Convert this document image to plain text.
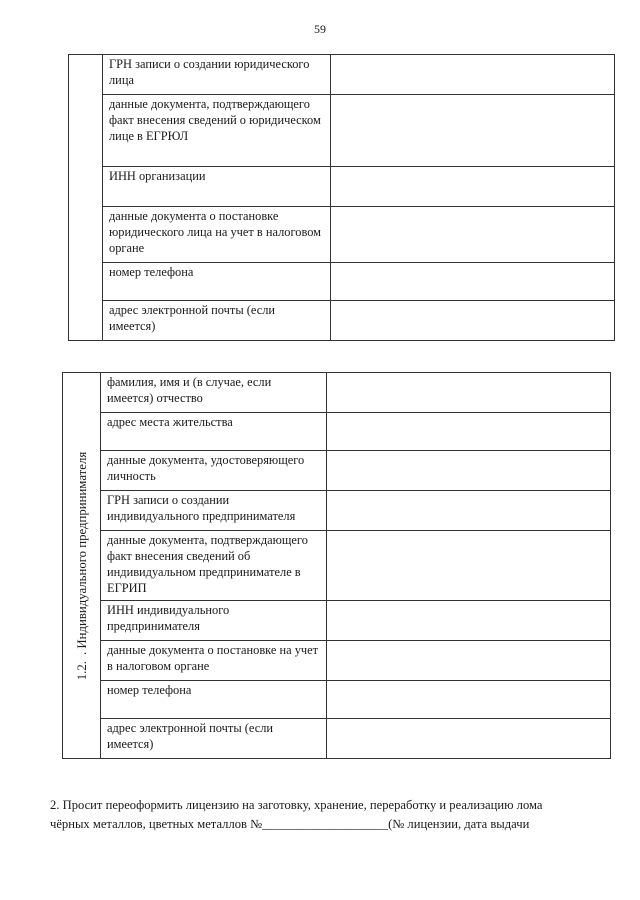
59
	ГРН записи о создании юридического лица	
	данные документа, подтверждающего факт внесения сведений о юридическом лице в ЕГРЮЛ	
	ИНН организации	
	данные документа о постановке юридического лица на учет в налоговом органе	
	номер телефона	
	адрес электронной почты (если имеется)	
1.2.. Индивидуального предпринимателя	фамилия, имя и (в случае, если имеется) отчество	
	адрес места жительства	
	данные документа, удостоверяющего личность	
	ГРН записи о создании индивидуального предпринимателя	
	данные документа, подтверждающего факт внесения сведений об индивидуальном предпринимателе в ЕГРИП	
	ИНН индивидуального предпринимателя	
	данные документа о постановке на учет в налоговом органе	
	номер телефона	
	адрес электронной почты (если имеется)	

2. Просит переоформить лицензию на заготовку, хранение, переработку и реализацию лома

чёрных металлов, цветных металлов №____________________(№ лицензии, дата выдачи
